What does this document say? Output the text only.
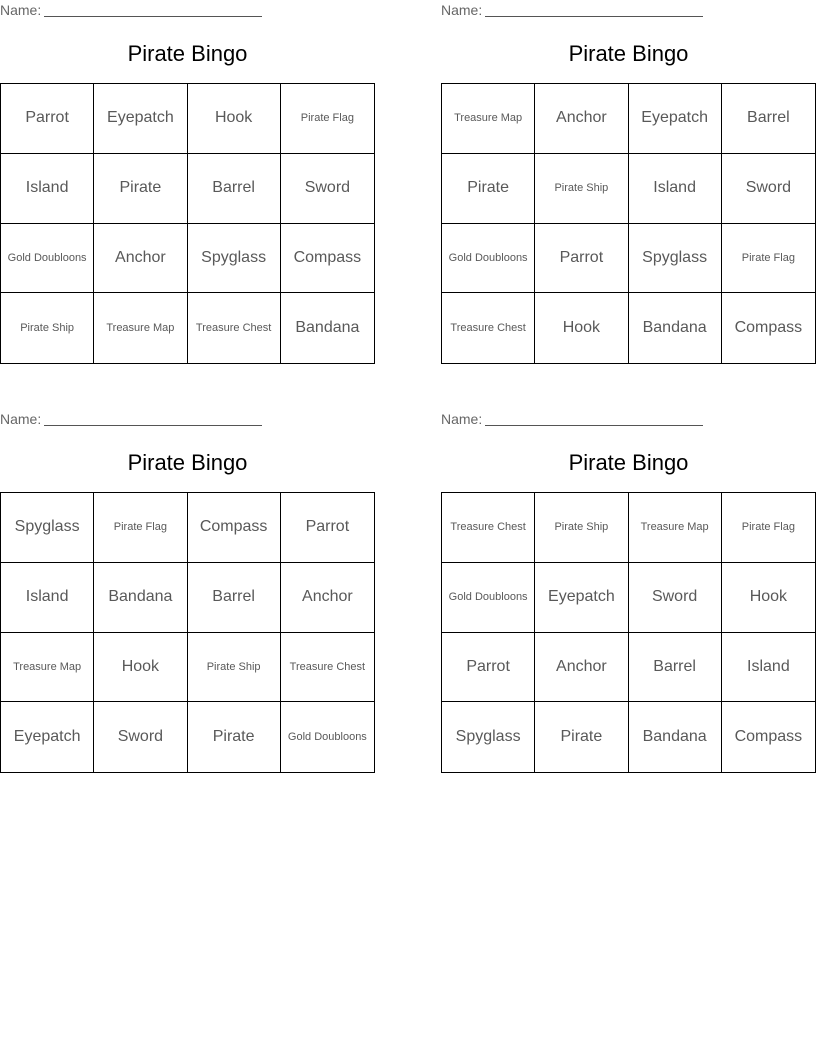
Name:
Pirate Bingo
Parrot	Eyepatch	Hook	Pirate Flag
Island	Pirate	Barrel	Sword
Gold Doubloons	Anchor	Spyglass	Compass
Pirate Ship	Treasure Map	Treasure Chest	Bandana
Name:
Pirate Bingo
Treasure Map	Anchor	Eyepatch	Barrel
Pirate	Pirate Ship	Island	Sword
Gold Doubloons	Parrot	Spyglass	Pirate Flag
Treasure Chest	Hook	Bandana	Compass
Name:
Pirate Bingo
Spyglass	Pirate Flag	Compass	Parrot
Island	Bandana	Barrel	Anchor
Treasure Map	Hook	Pirate Ship	Treasure Chest
Eyepatch	Sword	Pirate	Gold Doubloons
Name:
Pirate Bingo
Treasure Chest	Pirate Ship	Treasure Map	Pirate Flag
Gold Doubloons	Eyepatch	Sword	Hook
Parrot	Anchor	Barrel	Island
Spyglass	Pirate	Bandana	Compass
